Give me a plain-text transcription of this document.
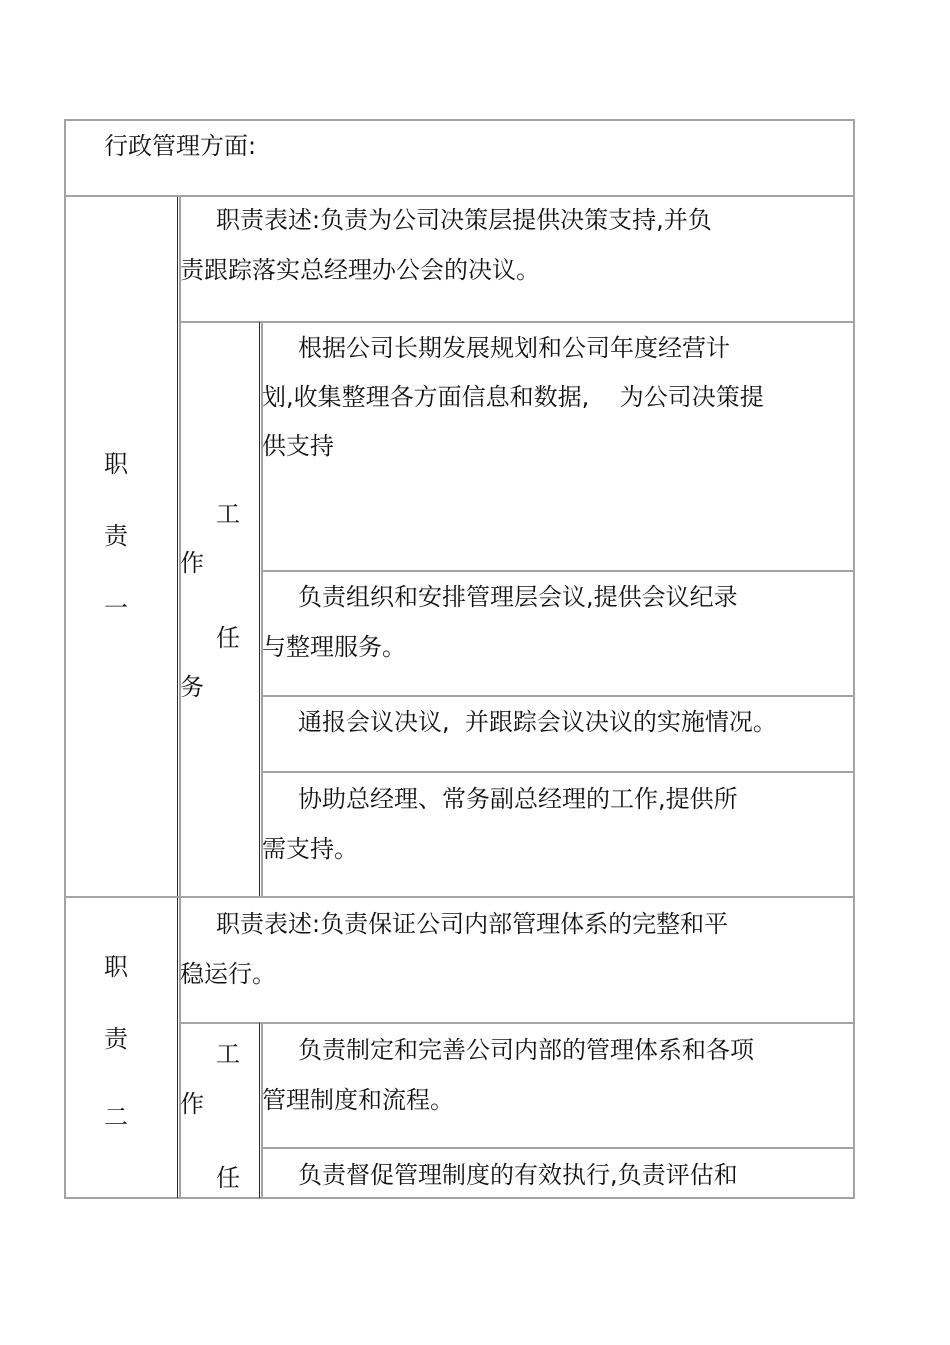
行政管理方面:
职
责
一
职责表述:负责为公司决策层提供决策支持,并负
责跟踪落实总经理办公会的决议。
工
作
任
务
根据公司长期发展规划和公司年度经营计
划,收集整理各方面信息和数据,    为公司决策提
供支持
负责组织和安排管理层会议,提供会议纪录
与整理服务。
通报会议决议,  并跟踪会议决议的实施情况。
协助总经理、常务副总经理的工作,提供所
需支持。
职
责
二
职责表述:负责保证公司内部管理体系的完整和平
稳运行。
工
作
任
负责制定和完善公司内部的管理体系和各项
管理制度和流程。
负责督促管理制度的有效执行,负责评估和
